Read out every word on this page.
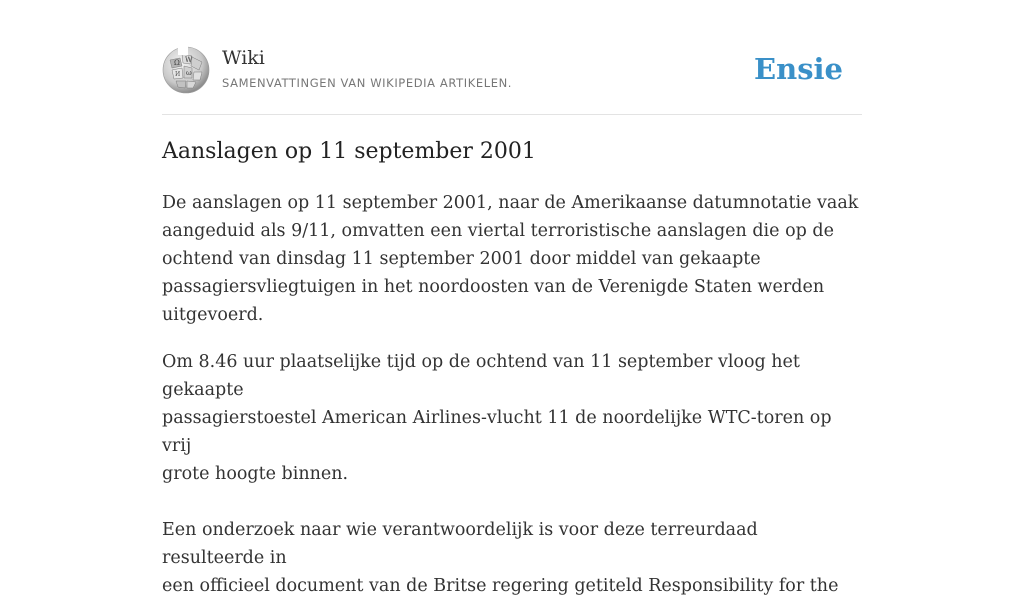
Ω W
И ω
Wiki
SAMENVATTINGEN VAN WIKIPEDIA ARTIKELEN.	Ensie
Aanslagen op 11 september 2001

De aanslagen op 11 september 2001, naar de Amerikaanse datumnotatie vaak
aangeduid als 9/11, omvatten een viertal terroristische aanslagen die op de
ochtend van dinsdag 11 september 2001 door middel van gekaapte
passagiersvliegtuigen in het noordoosten van de Verenigde Staten werden
uitgevoerd.

Om 8.46 uur plaatselijke tijd op de ochtend van 11 september vloog het gekaapte
passagierstoestel American Airlines-vlucht 11 de noordelijke WTC-toren op vrij
grote hoogte binnen.

Een onderzoek naar wie verantwoordelijk is voor deze terreurdaad resulteerde in
een officieel document van de Britse regering getiteld Responsibility for the
